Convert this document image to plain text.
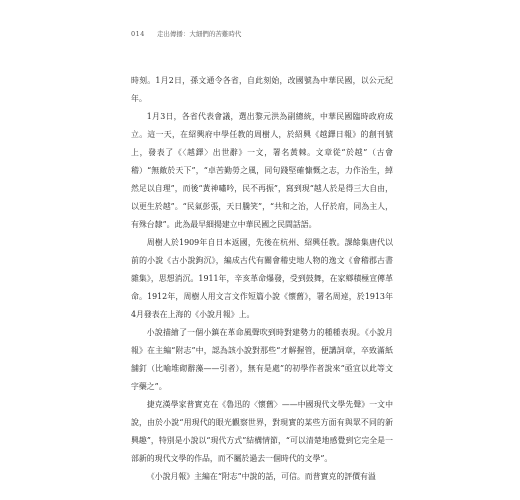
014 走出傳播：大細們的苦難時代

時刻。1月2日，孫文通令各省，自此刻始，改國號為中華民國，以公元紀年。

1月3日，各省代表會議，選出黎元洪為副總統，中華民國臨時政府成立。這一天，在紹興府中學任教的周樹人，於紹興《越鐸日報》的創刊號上，發表了《〈越鐸〉出世辭》一文，署名黃棘。文章從“於越”（古會稽）“無敵於天下”，“卓苦勤勞之風，同句踐堅確慷慨之志，力作治生，綽然足以自理”，而後“黃神嘯吟，民不再振”，寫到現“越人於是得三大自由，以更生於越”。“民氣彭張，天日騰笑”，“共和之治，人仔於肩，同為主人，有殊台隸”。此為最早細揚建立中華民國之民間話語。

周樹人於1909年自日本返國，先後在杭州、紹興任教。課餘集唐代以前的小說《古小說鉤沉》，編成古代有關會稽史地人物的逸文《會稽郡古書雜集》，思想消沉。1911年，辛亥革命爆發，受到鼓舞，在家鄉積極宣傳革命。1912年，周樹人用文言文作短篇小說《懷舊》，署名周逴，於1913年4月發表在上海的《小說月報》上。

小說描繪了一個小鎮在革命風聲吹到時對建勢力的種種表現。《小說月報》在主編“附志”中，認為該小說對那些“才解握管，便講詞章，卒致滿紙舖釘（比喻堆砌辭藻——引者），無有是處”的初學作者說來“亟宜以此等文字藥之”。

捷克漢學家普實克在《魯迅的〈懷舊〉——中國現代文學先聲》一文中說，由於小說“用現代的眼光觀察世界，對現實的某些方面有與眾不同的新興趣”，特別是小說以“現代方式”結構情節，“可以清楚地感覺到它完全是一部新的現代文學的作品，而不屬於過去一個時代的文學”。

《小說月報》主編在“附志”中說的話，可信。而普實克的評價有溢
